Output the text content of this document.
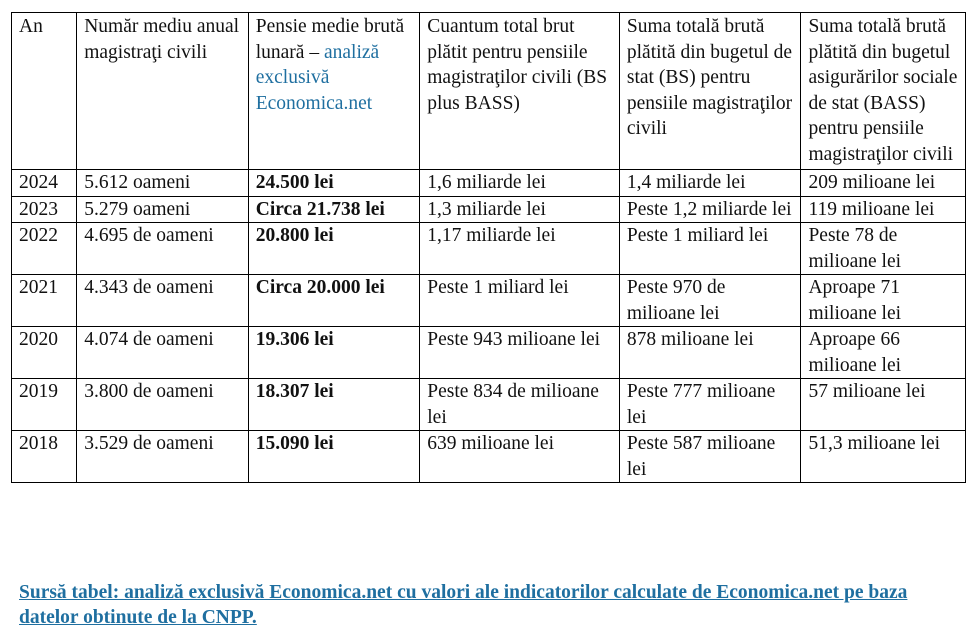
An	Număr mediu anual magistraţi civili	Pensie medie brută lunară – analiză exclusivă Economica.net	Cuantum total brut plătit pentru pensiile magistraţilor civili (BS plus BASS)	Suma totală brută plătită din bugetul de stat (BS) pentru pensiile magistraţilor civili	Suma totală brută plătită din bugetul asigurărilor sociale de stat (BASS) pentru pensiile magistraţilor civili
2024	5.612 oameni	24.500 lei	1,6 miliarde lei	1,4 miliarde lei	209 milioane lei
2023	5.279 oameni	Circa 21.738 lei	1,3 miliarde lei	Peste 1,2 miliarde lei	119 milioane lei
2022	4.695 de oameni	20.800 lei	1,17 miliarde lei	Peste 1 miliard lei	Peste 78 de milioane lei
2021	4.343 de oameni	Circa 20.000 lei	Peste 1 miliard lei	Peste 970 de milioane lei	Aproape 71 milioane lei
2020	4.074 de oameni	19.306 lei	Peste 943 milioane lei	878 milioane lei	Aproape 66 milioane lei
2019	3.800 de oameni	18.307 lei	Peste 834 de milioane lei	Peste 777 milioane lei	57 milioane lei
2018	3.529 de oameni	15.090 lei	639 milioane lei	Peste 587 milioane lei	51,3 milioane lei
Sursă tabel: analiză exclusivă Economica.net cu valori ale indicatorilor calculate de Economica.net pe baza datelor obtinute de la CNPP.
